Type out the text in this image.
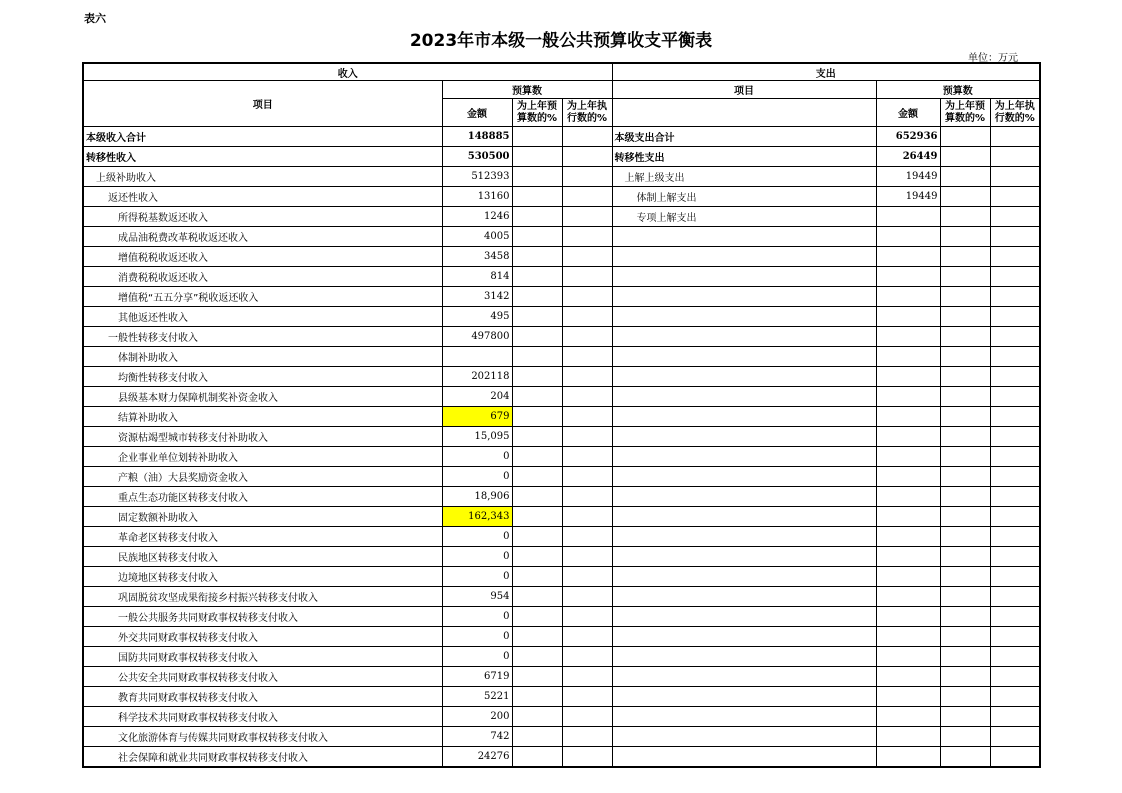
表六
2023年市本级一般公共预算收支平衡表
单位：万元
收入				支出			
项目	预算数			项目	预算数		
	金额	为上年预算数的%	为上年执行数的%		金额	为上年预算数的%	为上年执行数的%
本级收入合计	148885			本级支出合计	652936		
转移性收入	530500			转移性支出	26449		
上级补助收入	512393			上解上级支出	19449		
返还性收入	13160			体制上解支出	19449		
所得税基数返还收入	1246			专项上解支出			
成品油税费改革税收返还收入	4005						
增值税税收返还收入	3458						
消费税税收返还收入	814						
增值税“五五分享”税收返还收入	3142						
其他返还性收入	495						
一般性转移支付收入	497800						
体制补助收入							
均衡性转移支付收入	202118						
县级基本财力保障机制奖补资金收入	204						
结算补助收入	679						
资源枯竭型城市转移支付补助收入	15,095						
企业事业单位划转补助收入	0						
产粮（油）大县奖励资金收入	0						
重点生态功能区转移支付收入	18,906						
固定数额补助收入	162,343						
革命老区转移支付收入	0						
民族地区转移支付收入	0						
边境地区转移支付收入	0						
巩固脱贫攻坚成果衔接乡村振兴转移支付收入	954						
一般公共服务共同财政事权转移支付收入	0						
外交共同财政事权转移支付收入	0						
国防共同财政事权转移支付收入	0						
公共安全共同财政事权转移支付收入	6719						
教育共同财政事权转移支付收入	5221						
科学技术共同财政事权转移支付收入	200						
文化旅游体育与传媒共同财政事权转移支付收入	742						
社会保障和就业共同财政事权转移支付收入	24276						
